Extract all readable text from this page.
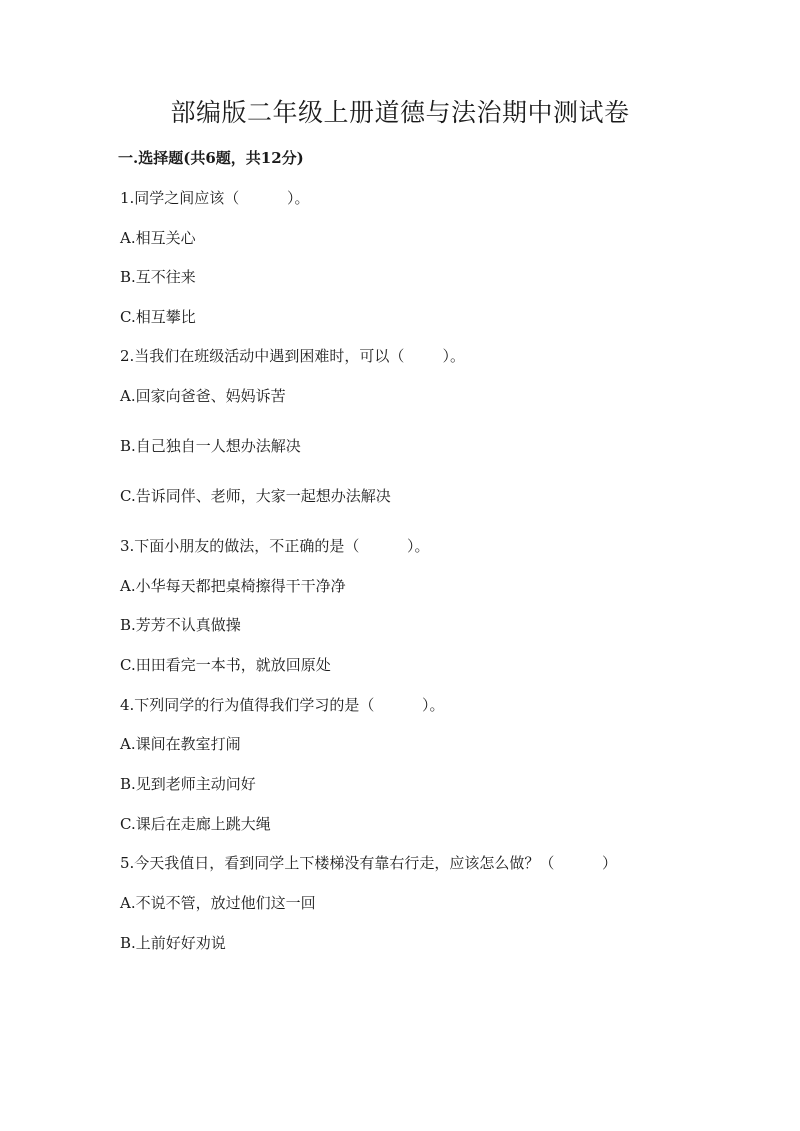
部编版二年级上册道德与法治期中测试卷
一.选择题(共6题，共12分)
1.同学之间应该（          ）。
A.相互关心
B.互不往来
C.相互攀比
2.当我们在班级活动中遇到困难时，可以（        ）。
A.回家向爸爸、妈妈诉苦
B.自己独自一人想办法解决
C.告诉同伴、老师，大家一起想办法解决
3.下面小朋友的做法，不正确的是（          ）。
A.小华每天都把桌椅擦得干干净净
B.芳芳不认真做操
C.田田看完一本书，就放回原处
4.下列同学的行为值得我们学习的是（          ）。
A.课间在教室打闹
B.见到老师主动问好
C.课后在走廊上跳大绳
5.今天我值日，看到同学上下楼梯没有靠右行走，应该怎么做？（          ）
A.不说不管，放过他们这一回
B.上前好好劝说
